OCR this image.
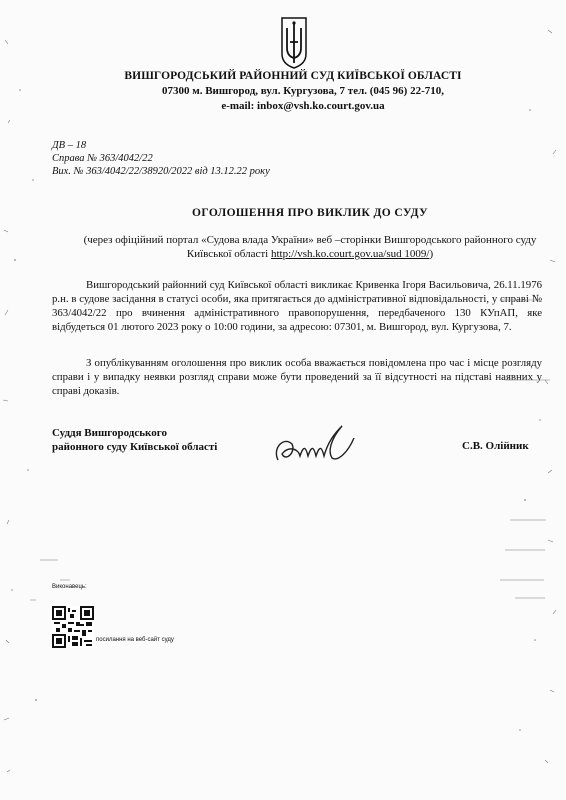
ВИШГОРОДСЬКИЙ РАЙОННИЙ СУД КИЇВСЬКОЇ ОБЛАСТІ
07300 м. Вишгород, вул. Кургузова, 7 тел. (045 96) 22-710,
e-mail: inbox@vsh.ko.court.gov.ua
ДВ – 18
Справа № 363/4042/22
Вих. № 363/4042/22/38920/2022 від 13.12.22 року
ОГОЛОШЕННЯ ПРО ВИКЛИК ДО СУДУ
(через офіційний портал «Судова влада України» веб –сторінки Вишгородського районного суду Київської області http://vsh.ko.court.gov.ua/sud 1009/)
Вишгородський районний суд Київської області викликає Кривенка Ігоря Васильовича, 26.11.1976 р.н. в судове засідання в статусі особи, яка притягається до адміністративної відповідальності, у справі № 363/4042/22 про вчинення адміністративного правопорушення, передбаченого 130 КУпАП, яке відбудеться 01 лютого 2023 року о 10:00 години, за адресою: 07301, м. Вишгород, вул. Кургузова, 7.
З опублікуванням оголошення про виклик особа вважається повідомлена про час і місце розгляду справи і у випадку неявки розгляд справи може бути проведений за її відсутності на підставі наявних у справі доказів.
Суддя Вишгородського
районного суду Київської області	С.В. Олійник
Виконавець:
посилання на веб-сайт суду
